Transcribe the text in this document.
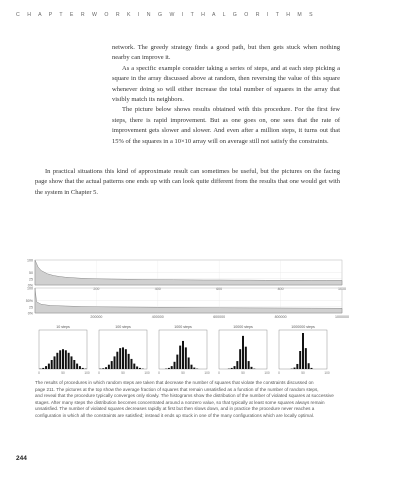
C H A P T E R W O R K I N G W I T H A L G O R I T H M S

network. The greedy strategy finds a good path, but then gets stuck when nothing nearby can improve it.

As a specific example consider taking a series of steps, and at each step picking a square in the array discussed above at random, then reversing the value of this square whenever doing so will either increase the total number of squares in the array that visibly match its neighbors.

The picture below shows results obtained with this procedure. For the first few steps, there is rapid improvement. But as one goes on, one sees that the rate of improvement gets slower and slower. And even after a million steps, it turns out that 15% of the squares in a 10×10 array will on average still not satisfy the constraints.

In practical situations this kind of approximate result can sometimes be useful, but the pictures on the facing page show that the actual patterns one ends up with can look quite different from the results that one would get with the system in Chapter 5.

100
50
25
0%
200	400	600	800	1000
100
50%
25
0%
200000	400000	600000	800000	1000000
10 steps
0	50	100
100 steps
0	50	100
1000 steps
0	50	100
10000 steps
0	50	100
1000000 steps
0	50	100
The results of procedures in which random steps are taken that decrease the number of squares that violate the constraints discussed on
page 211. The pictures at the top show the average fraction of squares that remain unsatisfied as a function of the number of random steps,
and reveal that the procedure typically converges only slowly. The histograms show the distribution of the number of violated squares at successive
stages. After many steps the distribution becomes concentrated around a nonzero value, so that typically at least some squares always remain
unsatisfied. The number of violated squares decreases rapidly at first but then slows down, and in practice the procedure never reaches a
configuration in which all the constraints are satisfied; instead it ends up stuck in one of the many configurations which are locally optimal.
244
